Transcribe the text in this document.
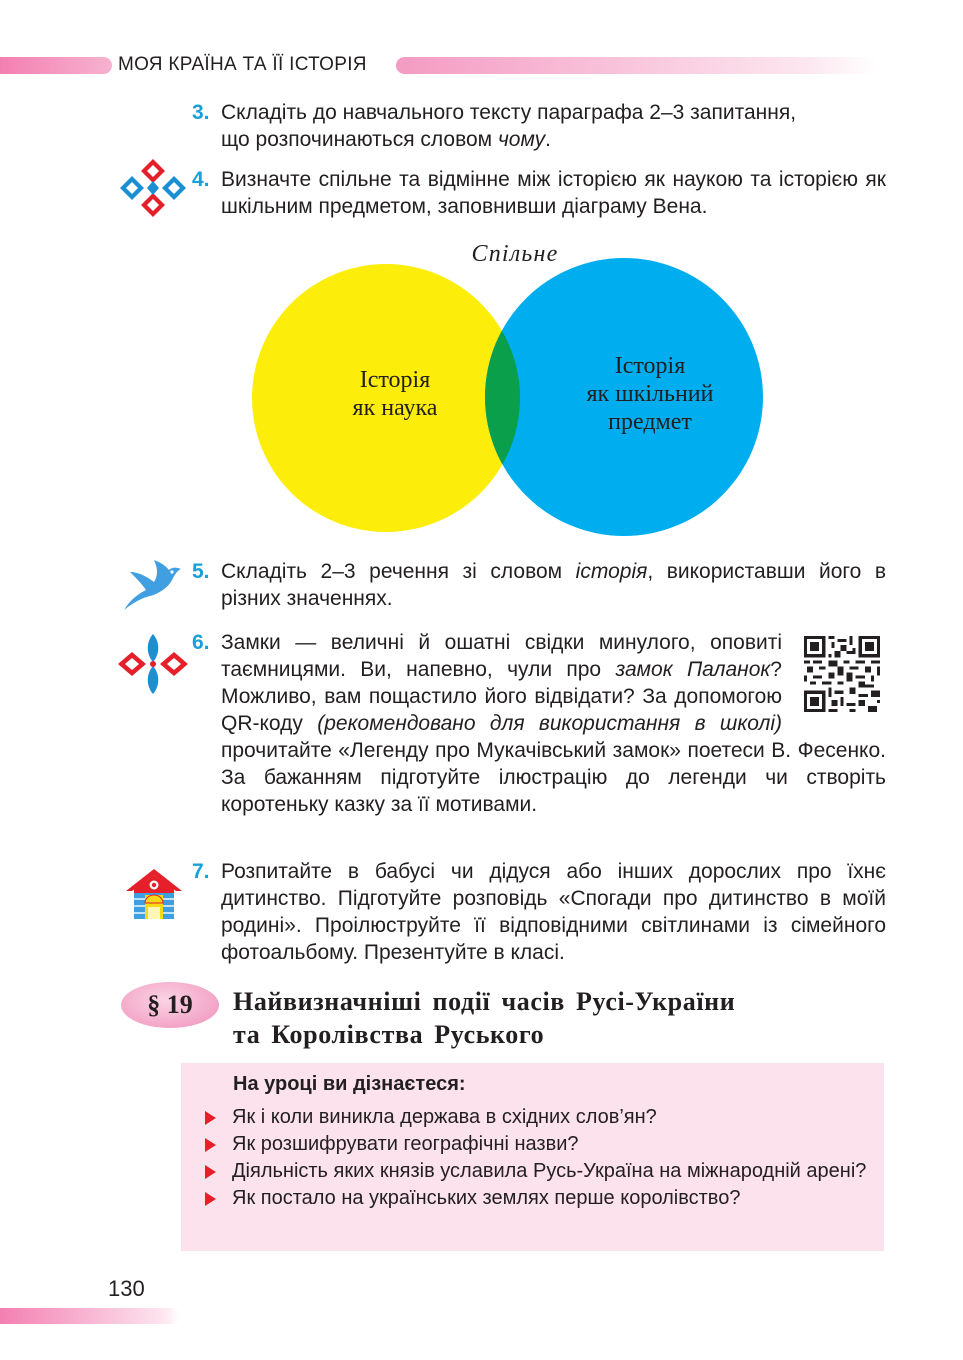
МОЯ КРАЇНА ТА ЇЇ ІСТОРІЯ
3. Складіть до навчального тексту параграфа 2–3 запитання,

що розпочинаються словом чому.

4. Визначте спільне та відмінне між історією як наукою та історією як шкільним предметом, заповнивши діаграму Вена.
Спільне
Історія
як наука
Історія
як шкільний
предмет
5. Складіть 2–3 речення зі словом історія, використавши його в різних значеннях.
6. Замки — величні й ошатні свідки минулого, оповиті таємницями. Ви, напевно, чули про замок Паланок? Можливо, вам пощастило його відвідати? За допомогою QR-коду (рекомендовано для використання в школі) прочитайте «Легенду про Мукачівський замок» поетеси В. Фесенко. За бажанням підготуйте ілюстрацію до легенди чи створіть коротеньку казку за її мотивами.
7. Розпитайте в бабусі чи дідуся або інших дорослих про їхнє дитинство. Підготуйте розповідь «Спогади про дитинство в моїй родині». Проілюструйте її відповідними світлинами із сімейного фотоальбому. Презентуйте в класі.
§ 19	Найвизначніші події часів Русі-України
та Королівства Руського
На уроці ви дізнаєтеся:
Як і коли виникла держава в східних слов’ян?
Як розшифрувати географічні назви?
Діяльність яких князів уславила Русь-Україна на міжнародній арені?
Як постало на українських землях перше королівство?
130
